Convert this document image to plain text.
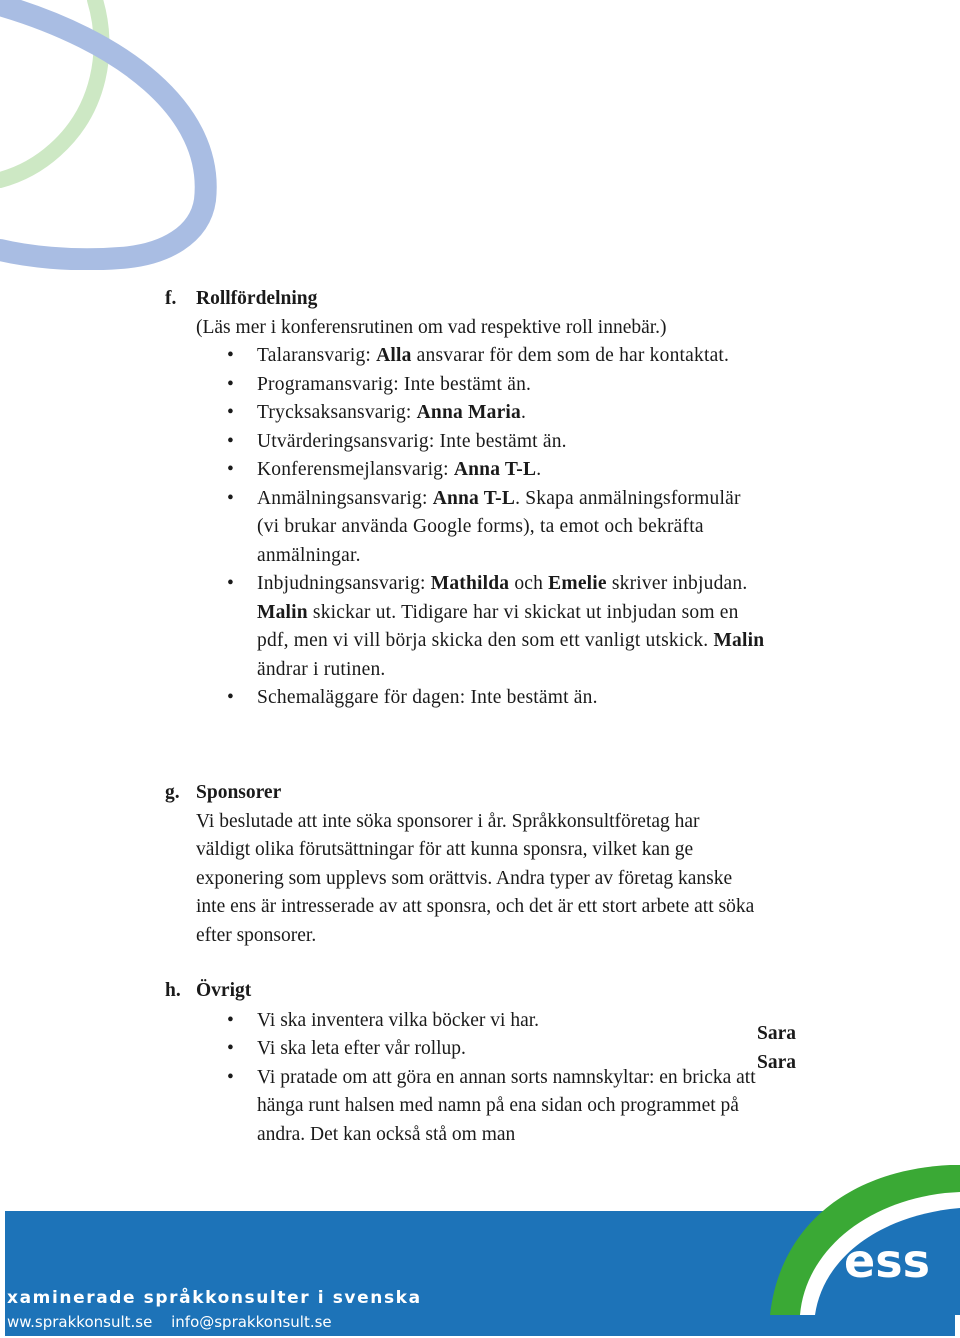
f.	Rollfördelning
(Läs mer i konferensrutinen om vad respektive roll innebär.)
• Talaransvarig: Alla ansvarar för dem som de har kontaktat.
• Programansvarig: Inte bestämt än.
• Trycksaksansvarig: Anna Maria.
• Utvärderingsansvarig: Inte bestämt än.
• Konferensmejlansvarig: Anna T-L.
• Anmälningsansvarig: Anna T-L. Skapa anmälningsformulär (vi brukar använda Google forms), ta emot och bekräfta anmälningar.
• Inbjudningsansvarig: Mathilda och Emelie skriver inbjudan. Malin skickar ut. Tidigare har vi skickat ut inbjudan som en pdf, men vi vill börja skicka den som ett vanligt utskick. Malin ändrar i rutinen.
• Schemaläggare för dagen: Inte bestämt än.
g. Sponsorer
Vi beslutade att inte söka sponsorer i år. Språkkonsultföretag har väldigt olika förutsättningar för att kunna sponsra, vilket kan ge exponering som upplevs som orättvis. Andra typer av företag kanske inte ens är intresserade av att sponsra, och det är ett stort arbete att söka efter sponsorer.
h. Övrigt
• Vi ska inventera vilka böcker vi har.
• Vi ska leta efter vår rollup.
• Vi pratade om att göra en annan sorts namnskyltar: en bricka att hänga runt halsen med namn på ena sidan och programmet på andra. Det kan också stå om man
Sara
Sara
xaminerade språkkonsulter i svenska
ww.sprakkonsult.se info@sprakkonsult.se
ess
